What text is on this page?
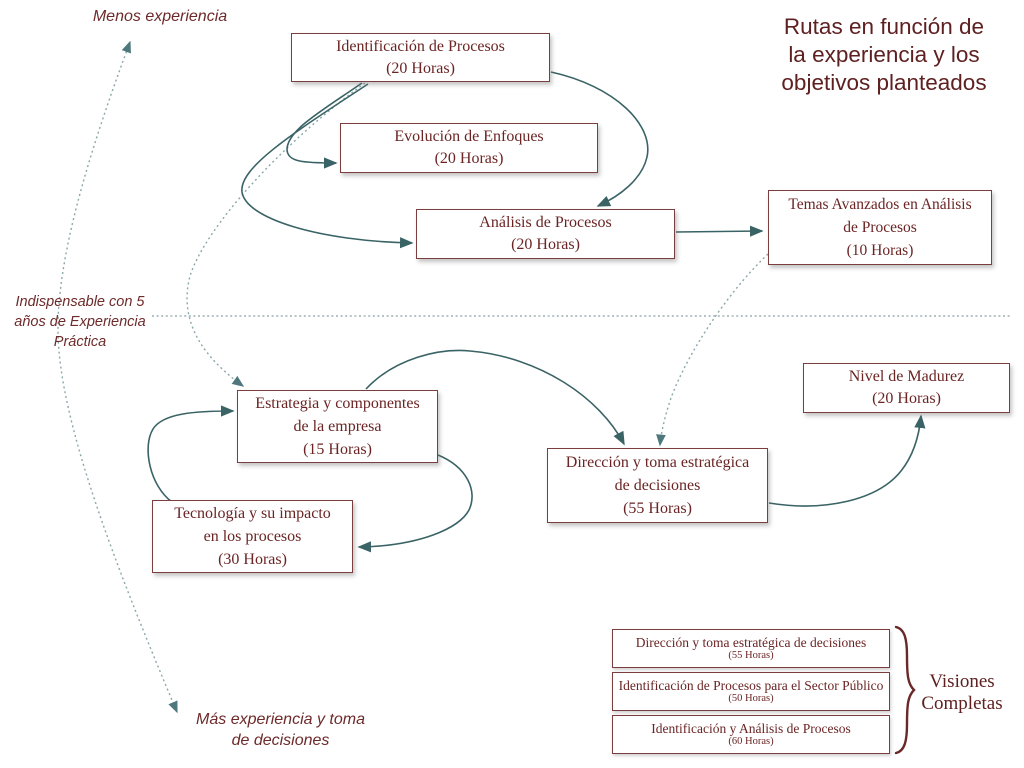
Rutas en función de
la experiencia y los
objetivos planteados
Menos experiencia
Indispensable con 5
años de Experiencia
Práctica
Más experiencia y toma
de decisiones
Identificación de Procesos
(20 Horas)
Evolución de Enfoques
(20 Horas)
Análisis de Procesos
(20 Horas)
Temas Avanzados en Análisis
de Procesos
(10 Horas)
Estrategia y componentes
de la empresa
(15 Horas)
Tecnología y su impacto
en los procesos
(30 Horas)
Dirección y toma estratégica
de decisiones
(55 Horas)
Nivel de Madurez
(20 Horas)
Dirección y toma estratégica de decisiones
(55 Horas)
Identificación de Procesos para el Sector Público
(50 Horas)
Identificación y Análisis de Procesos
(60 Horas)
Visiones
Completas
